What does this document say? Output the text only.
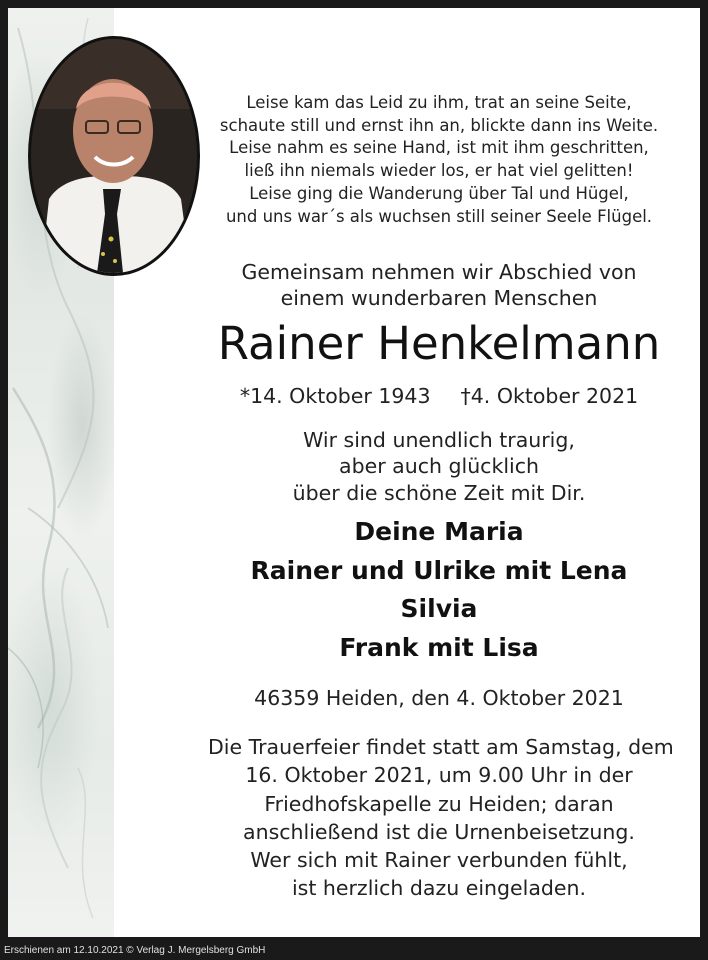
Leise kam das Leid zu ihm, trat an seine Seite,
schaute still und ernst ihn an, blickte dann ins Weite.
Leise nahm es seine Hand, ist mit ihm geschritten,
ließ ihn niemals wieder los, er hat viel gelitten!
Leise ging die Wanderung über Tal und Hügel,
und uns war´s als wuchsen still seiner Seele Flügel.
Gemeinsam nehmen wir Abschied von
einem wunderbaren Menschen
Rainer Henkelmann
*14. Oktober 1943 †4. Oktober 2021
Wir sind unendlich traurig,
aber auch glücklich
über die schöne Zeit mit Dir.
Deine Maria
Rainer und Ulrike mit Lena
Silvia
Frank mit Lisa
46359 Heiden, den 4. Oktober 2021
Die Trauerfeier findet statt am Samstag, dem
16. Oktober 2021, um 9.00 Uhr in der
Friedhofskapelle zu Heiden; daran
anschließend ist die Urnenbeisetzung.
Wer sich mit Rainer verbunden fühlt,
ist herzlich dazu eingeladen.
Erschienen am 12.10.2021 © Verlag J. Mergelsberg GmbH
